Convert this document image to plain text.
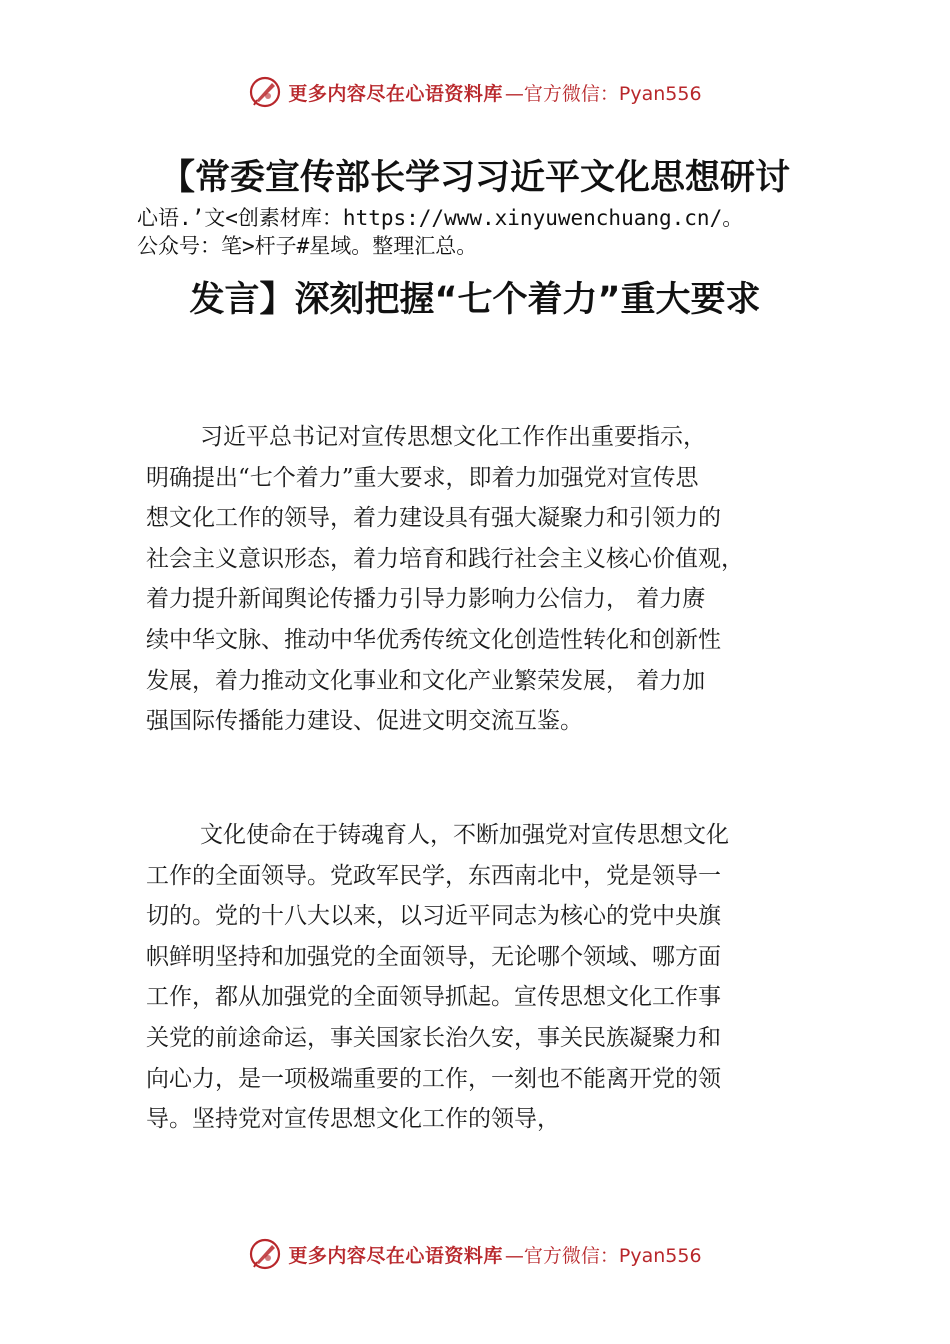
更多内容尽在心语资料库 —官方微信：Pyan556
【常委宣传部长学习习近平文化思想研讨
心语.’文<创素材库：https://www.xinyuwenchuang.cn/。
公众号：笔>杆子#星域。整理汇总。
发言】深刻把握“七个着力”重大要求
习近平总书记对宣传思想文化工作作出重要指示，
明确提出“七个着力”重大要求，即着力加强党对宣传思
想文化工作的领导，着力建设具有强大凝聚力和引领力的
社会主义意识形态，着力培育和践行社会主义核心价值观，
着力提升新闻舆论传播力引导力影响力公信力， 着力赓
续中华文脉、推动中华优秀传统文化创造性转化和创新性
发展，着力推动文化事业和文化产业繁荣发展， 着力加
强国际传播能力建设、促进文明交流互鉴。
文化使命在于铸魂育人，不断加强党对宣传思想文化
工作的全面领导。党政军民学，东西南北中，党是领导一
切的。党的十八大以来，以习近平同志为核心的党中央旗
帜鲜明坚持和加强党的全面领导，无论哪个领域、哪方面
工作，都从加强党的全面领导抓起。宣传思想文化工作事
关党的前途命运，事关国家长治久安，事关民族凝聚力和
向心力，是一项极端重要的工作，一刻也不能离开党的领
导。坚持党对宣传思想文化工作的领导，
更多内容尽在心语资料库 —官方微信：Pyan556
